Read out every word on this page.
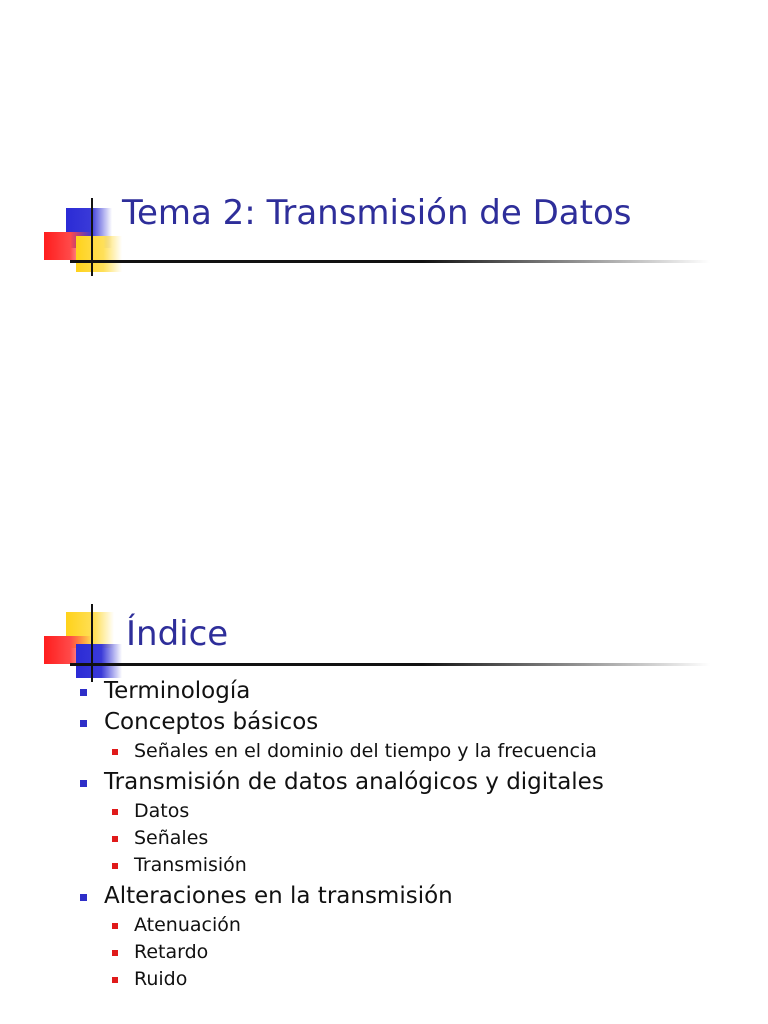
Tema 2: Transmisión de Datos
Índice
Terminología
Conceptos básicos
Señales en el dominio del tiempo y la frecuencia
Transmisión de datos analógicos y digitales
Datos
Señales
Transmisión
Alteraciones en la transmisión
Atenuación
Retardo
Ruido
